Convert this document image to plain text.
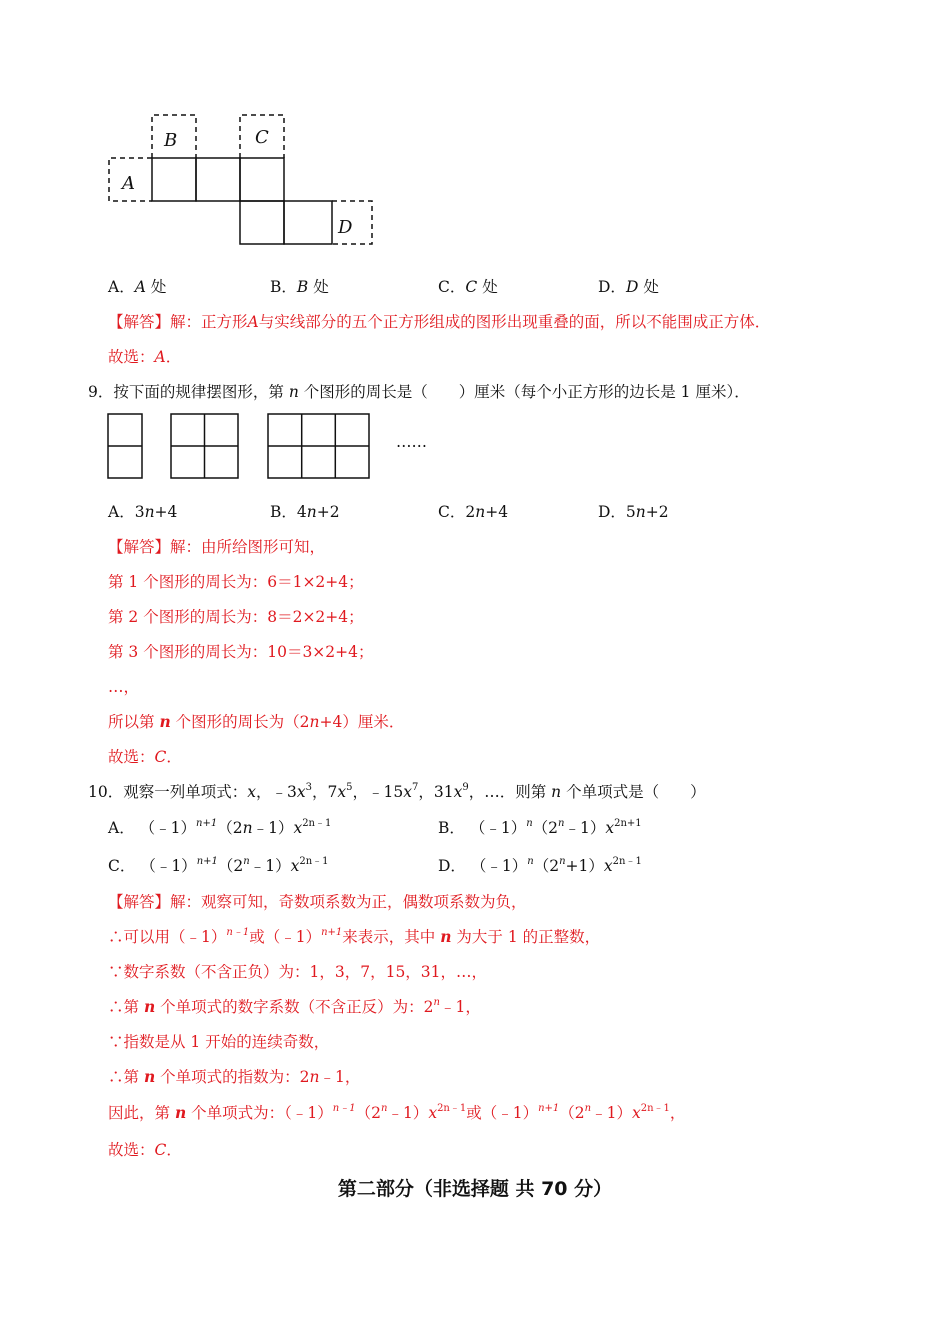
A
B	C
D
A．A 处	B．B 处	C．C 处	D．D 处
【解答】解：正方形A与实线部分的五个正方形组成的图形出现重叠的面，所以不能围成正方体．
故选：A．
9．按下面的规律摆图形，第 n 个图形的周长是（　　）厘米（每个小正方形的边长是 1 厘米）．
……
A．3n+4	B．4n+2	C．2n+4	D．5n+2
【解答】解：由所给图形可知，
第 1 个图形的周长为：6＝1×2+4；
第 2 个图形的周长为：8＝2×2+4；
第 3 个图形的周长为：10＝3×2+4；
…，
所以第 n 个图形的周长为（2n+4）厘米．
故选：C．
10．观察一列单项式：x，$﹣3x^3$，$7x^5$，$﹣15x^7$，$31x^9$，…．则第 n 个单项式是（　　）
A． $(﹣1)^{n+1}(2n﹣1)x^{2n﹣1}$	B． $(﹣1)^n(2^n﹣1)x^{2n+1}$
C． $(﹣1)^{n+1}(2^n﹣1)x^{2n﹣1}$	D． $(﹣1)^n(2^n+1)x^{2n﹣1}$
【解答】解：观察可知，奇数项系数为正，偶数项系数为负，
∴可以用（﹣1）$^{n﹣1}$或（﹣1）$^{n+1}$来表示，其中 n 为大于 1 的正整数，
∵数字系数（不含正负）为：1，3，7，15，31，…，
∴第 n 个单项式的数字系数（不含正反）为：2$^n$﹣1，
∵指数是从 1 开始的连续奇数，
∴第 n 个单项式的指数为：2n﹣1，
因此，第 n 个单项式为：$(﹣1)^{n﹣1}(2^n﹣1)x^{2n﹣1}$或$(﹣1)^{n+1}(2^n﹣1)x^{2n﹣1}$，
故选：C．
第二部分（非选择题 共 70 分）
